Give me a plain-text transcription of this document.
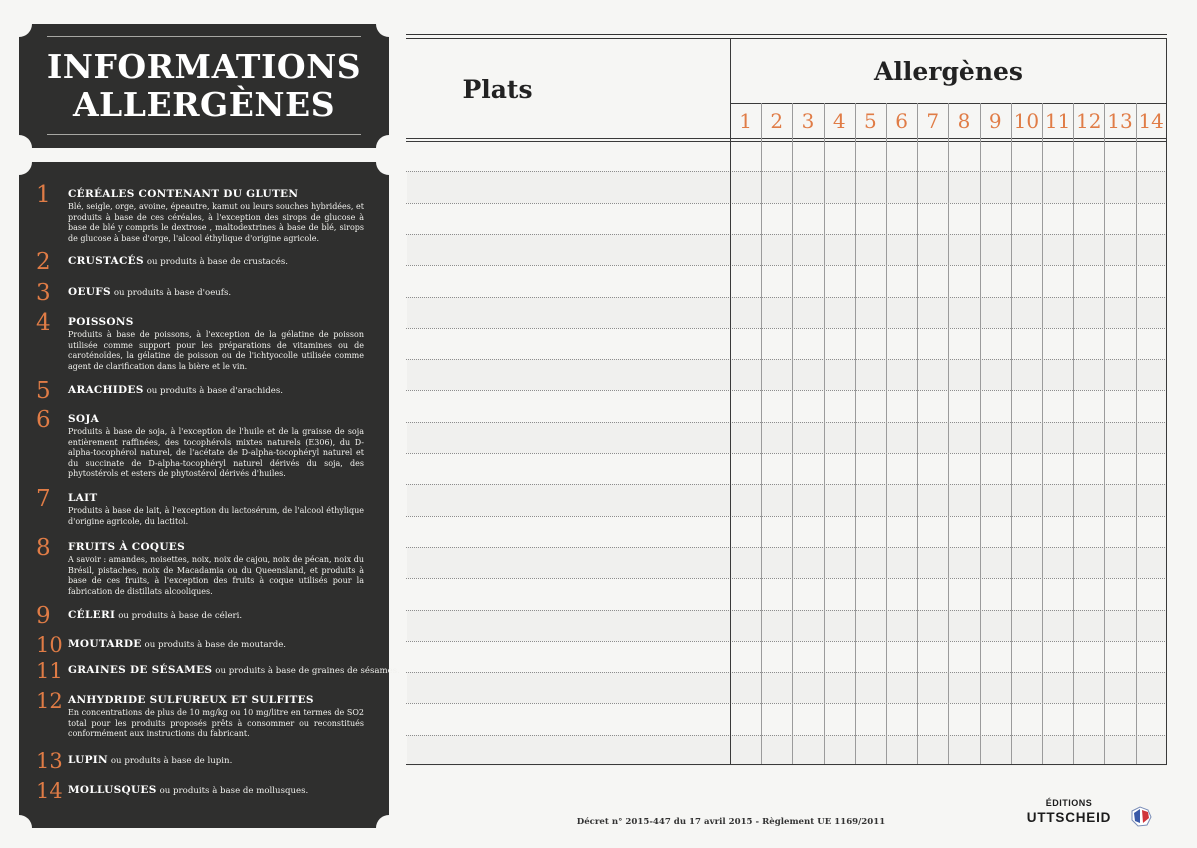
INFORMATIONS
ALLERGÈNES
1 CÉRÉALES CONTENANT DU GLUTEN
Blé, seigle, orge, avoine, épeautre, kamut ou leurs souches hybridées, et produits à base de ces céréales, à l'exception des sirops de glucose à base de blé y compris le dextrose , maltodextrines à base de blé, sirops de glucose à base d'orge, l'alcool éthylique d'origine agricole.
2 CRUSTACÉS ou produits à base de crustacés.
3 OEUFS ou produits à base d'oeufs.
4 POISSONS
Produits à base de poissons, à l'exception de la gélatine de poisson utilisée comme support pour les préparations de vitamines ou de caroténoïdes, la gélatine de poisson ou de l'ichtyocolle utilisée comme agent de clarification dans la bière et le vin.
5 ARACHIDES ou produits à base d'arachides.
6 SOJA
Produits à base de soja, à l'exception de l'huile et de la graisse de soja entièrement raffinées, des tocophérols mixtes naturels (E306), du D-alpha-tocophérol naturel, de l'acétate de D-alpha-tocophéryl naturel et du succinate de D-alpha-tocophéryl naturel dérivés du soja, des phytostérols et esters de phytostérol dérivés d'huiles.
7 LAIT
Produits à base de lait, à l'exception du lactosérum, de l'alcool éthylique d'origine agricole, du lactitol.
8 FRUITS À COQUES
A savoir : amandes, noisettes, noix, noix de cajou, noix de pécan, noix du Brésil, pistaches, noix de Macadamia ou du Queensland, et produits à base de ces fruits, à l'exception des fruits à coque utilisés pour la fabrication de distillats alcooliques.
9 CÉLERI ou produits à base de céleri.
10 MOUTARDE ou produits à base de moutarde.
11 GRAINES DE SÉSAMES ou produits à base de graines de sésames.
12 ANHYDRIDE SULFUREUX ET SULFITES
En concentrations de plus de 10 mg/kg ou 10 mg/litre en termes de SO2 total pour les produits proposés prêts à consommer ou reconstitués conformément aux instructions du fabricant.
13 LUPIN ou produits à base de lupin.
14 MOLLUSQUES ou produits à base de mollusques.
1 2 3 4 5 6 7 8 9 10 11 12 13 14
Plats
Allergènes
Décret n° 2015-447 du 17 avril 2015 - Règlement UE 1169/2011
ÉDITIONS
UTTSCHEID
